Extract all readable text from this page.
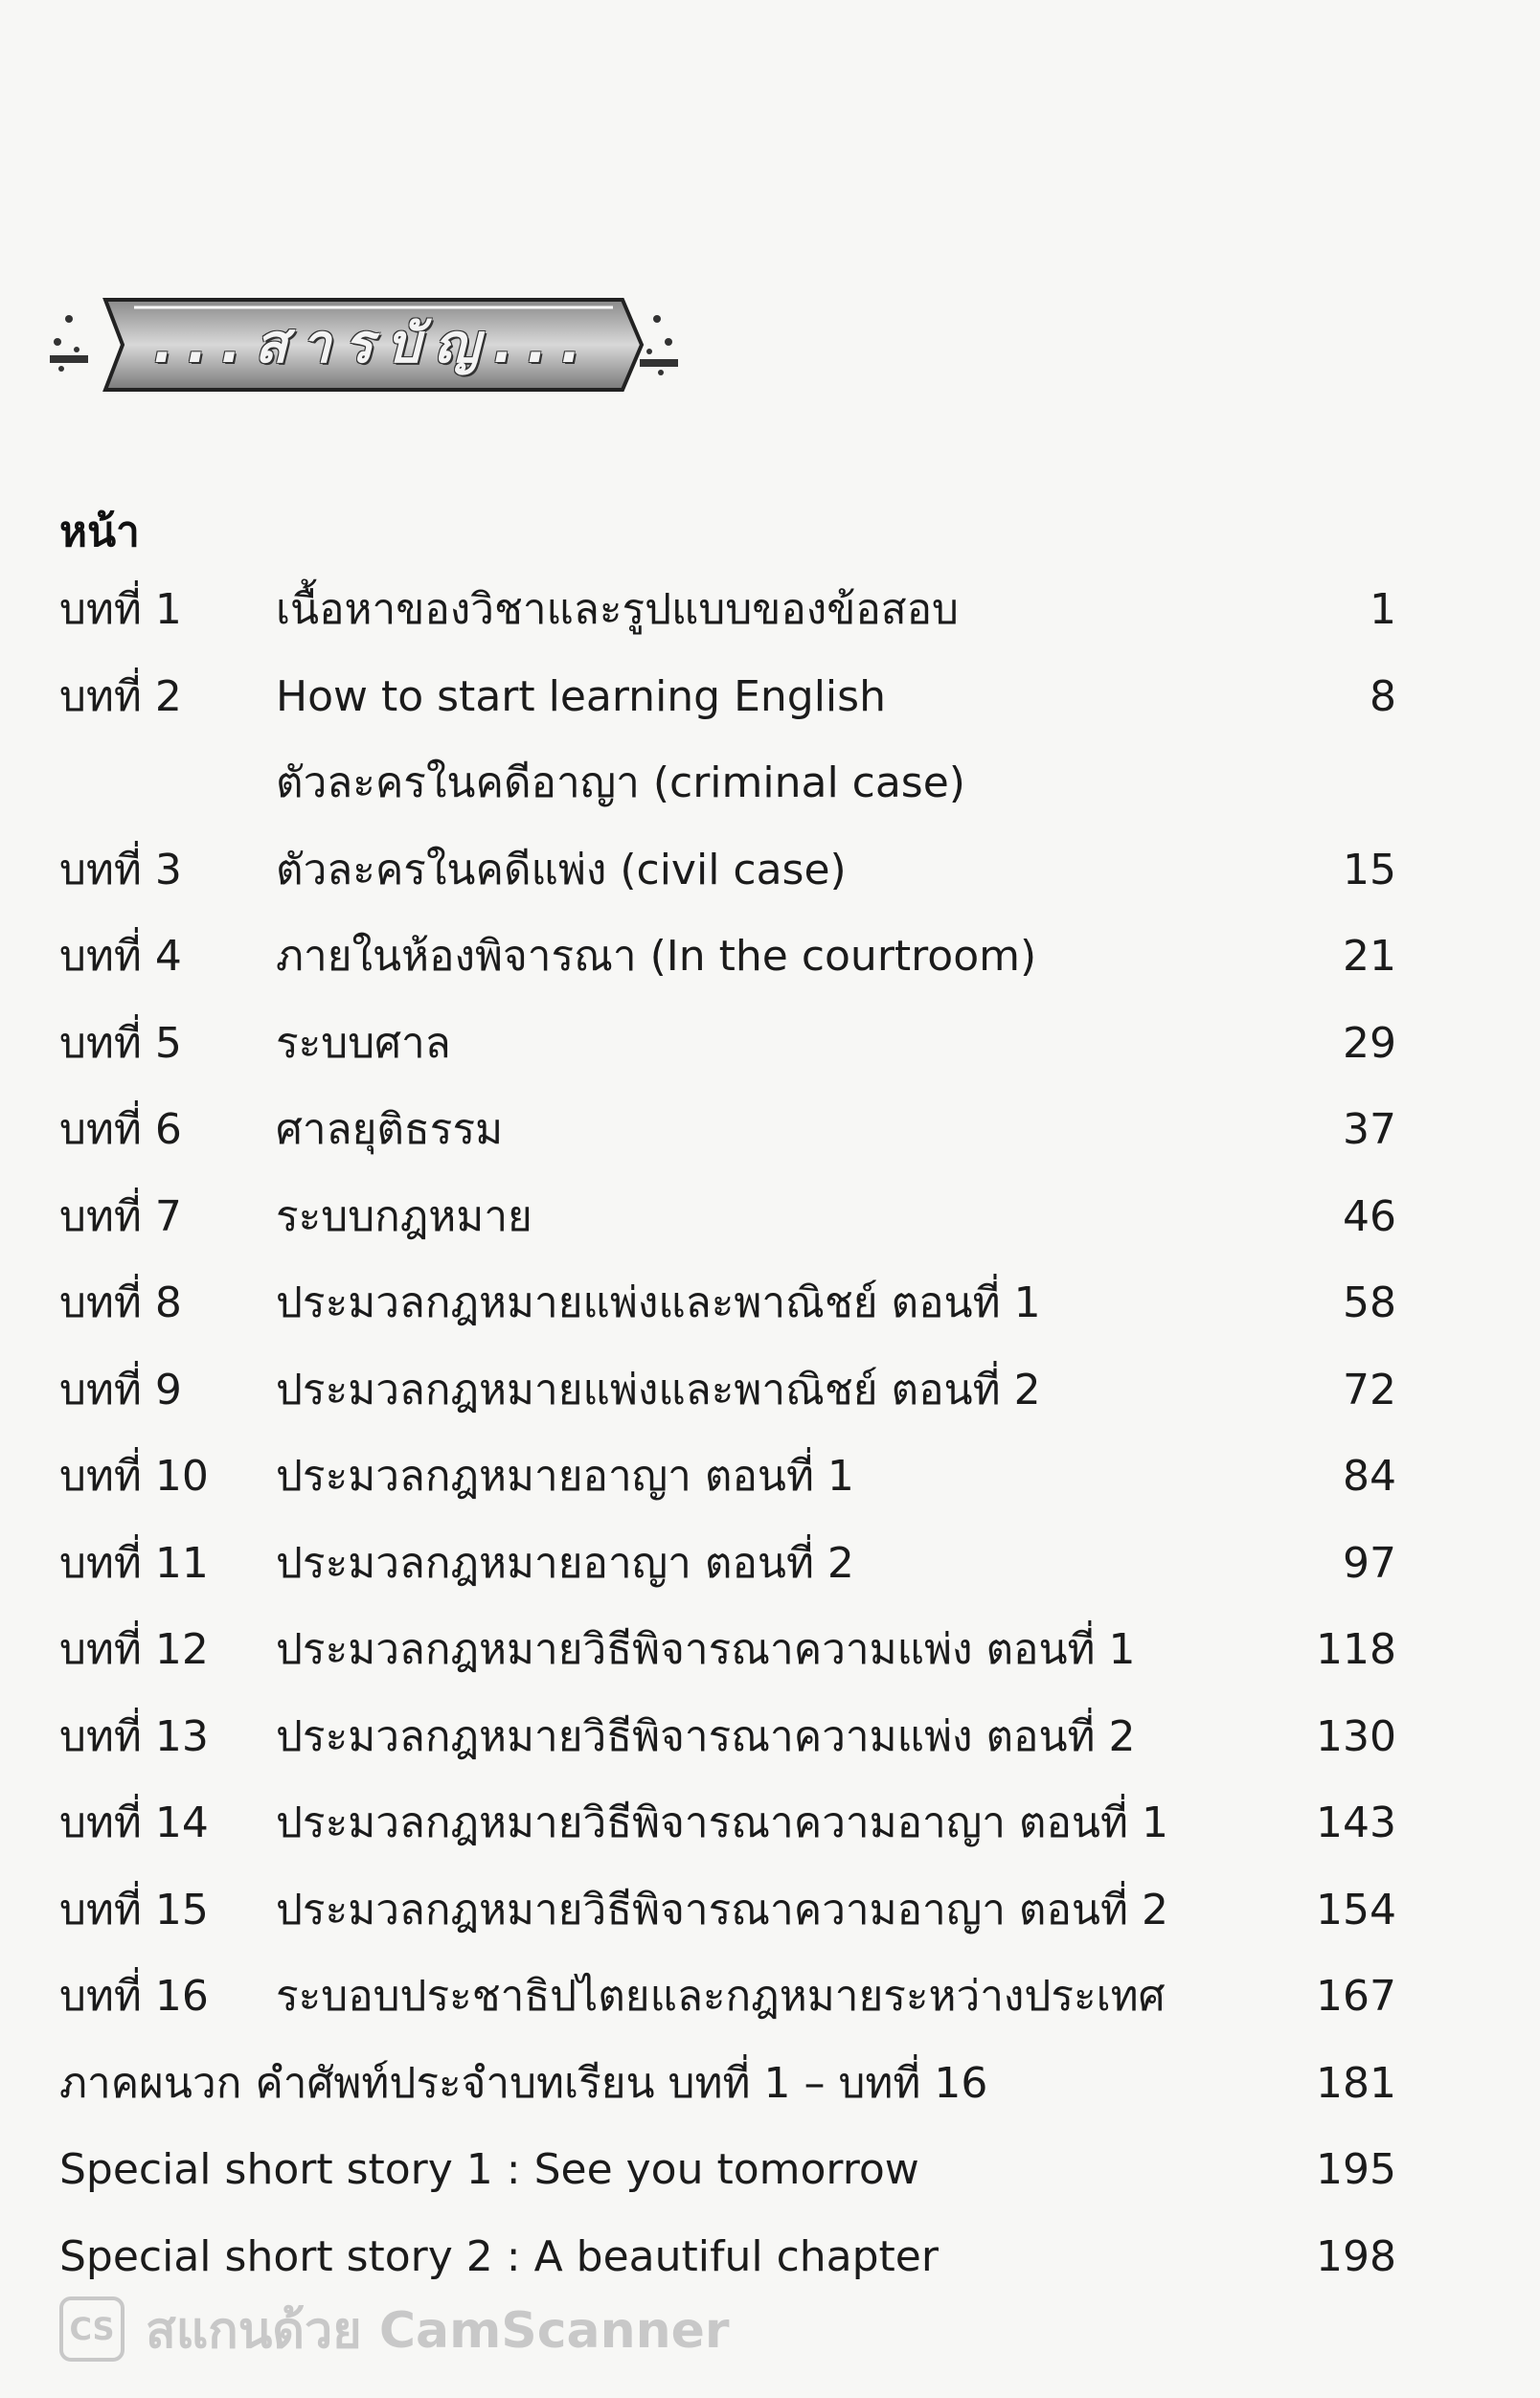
...สารบัญ...
หน้า
บทที่ 1 เนื้อหาของวิชาและรูปแบบของข้อสอบ	1
บทที่ 2 How to start learning English	8
ตัวละครในคดีอาญา (criminal case)
บทที่ 3 ตัวละครในคดีแพ่ง (civil case)	15
บทที่ 4 ภายในห้องพิจารณา (In the courtroom)	21
บทที่ 5 ระบบศาล	29
บทที่ 6 ศาลยุติธรรม	37
บทที่ 7 ระบบกฎหมาย	46
บทที่ 8 ประมวลกฎหมายแพ่งและพาณิชย์ ตอนที่ 1	58
บทที่ 9 ประมวลกฎหมายแพ่งและพาณิชย์ ตอนที่ 2	72
บทที่ 10 ประมวลกฎหมายอาญา ตอนที่ 1	84
บทที่ 11 ประมวลกฎหมายอาญา ตอนที่ 2	97
บทที่ 12 ประมวลกฎหมายวิธีพิจารณาความแพ่ง ตอนที่ 1	118
บทที่ 13 ประมวลกฎหมายวิธีพิจารณาความแพ่ง ตอนที่ 2	130
บทที่ 14 ประมวลกฎหมายวิธีพิจารณาความอาญา ตอนที่ 1	143
บทที่ 15 ประมวลกฎหมายวิธีพิจารณาความอาญา ตอนที่ 2	154
บทที่ 16 ระบอบประชาธิปไตยและกฎหมายระหว่างประเทศ	167
ภาคผนวก คำศัพท์ประจำบทเรียน บทที่ 1 – บทที่ 16	181
Special short story 1 : See you tomorrow	195
Special short story 2 : A beautiful chapter	198
CS สแกนด้วย CamScanner
